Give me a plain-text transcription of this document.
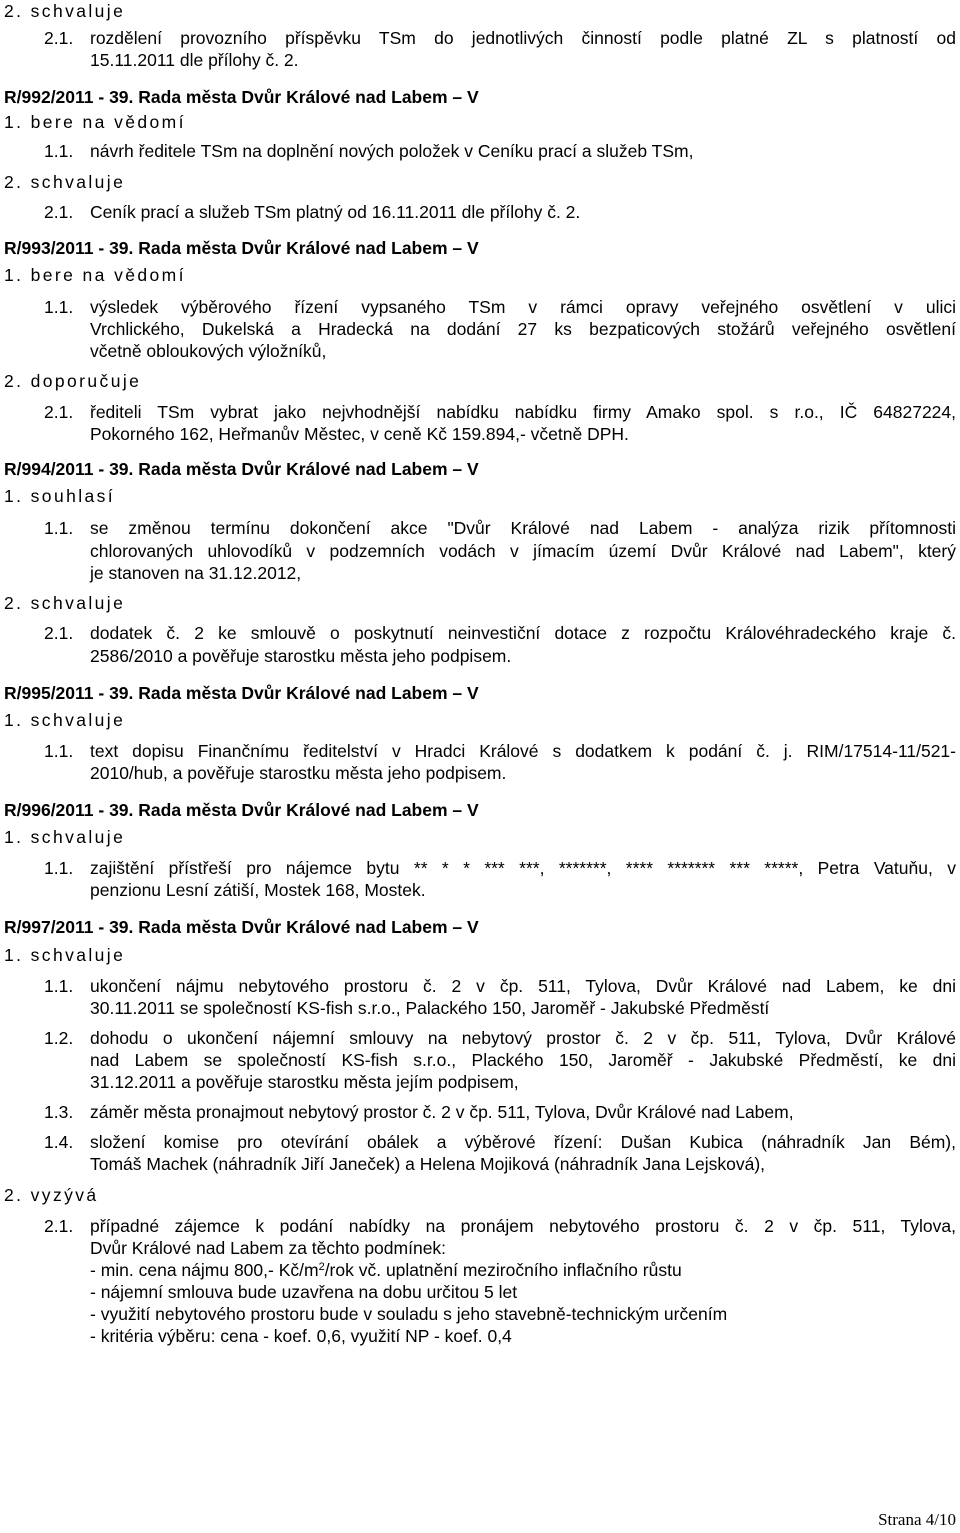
2. schvaluje
2.1. rozdělení provozního příspěvku TSm do jednotlivých činností podle platné ZL s platností od
15.11.2011 dle přílohy č. 2.
R/992/2011 - 39. Rada města Dvůr Králové nad Labem – V
1. bere na vědomí
1.1. návrh ředitele TSm na doplnění nových položek v Ceníku prací a služeb TSm,
2. schvaluje
2.1. Ceník prací a služeb TSm platný od 16.11.2011 dle přílohy č. 2.
R/993/2011 - 39. Rada města Dvůr Králové nad Labem – V
1. bere na vědomí
1.1. výsledek výběrového řízení vypsaného TSm v rámci opravy veřejného osvětlení v ulici
Vrchlického, Dukelská a Hradecká na dodání 27 ks bezpaticových stožárů veřejného osvětlení
včetně obloukových výložníků,
2. doporučuje
2.1. řediteli TSm vybrat jako nejvhodnější nabídku nabídku firmy Amako spol. s r.o., IČ 64827224,
Pokorného 162, Heřmanův Městec, v ceně Kč 159.894,- včetně DPH.
R/994/2011 - 39. Rada města Dvůr Králové nad Labem – V
1. souhlasí
1.1. se změnou termínu dokončení akce "Dvůr Králové nad Labem - analýza rizik přítomnosti
chlorovaných uhlovodíků v podzemních vodách v jímacím území Dvůr Králové nad Labem", který
je stanoven na 31.12.2012,
2. schvaluje
2.1. dodatek č. 2 ke smlouvě o poskytnutí neinvestiční dotace z rozpočtu Královéhradeckého kraje č.
2586/2010 a pověřuje starostku města jeho podpisem.
R/995/2011 - 39. Rada města Dvůr Králové nad Labem – V
1. schvaluje
1.1. text dopisu Finančnímu ředitelství v Hradci Králové s dodatkem k podání č. j. RIM/17514-11/521-
2010/hub, a pověřuje starostku města jeho podpisem.
R/996/2011 - 39. Rada města Dvůr Králové nad Labem – V
1. schvaluje
1.1. zajištění přístřeší pro nájemce bytu ** * * *** ***, *******, **** ******* *** *****, Petra Vatuňu, v
penzionu Lesní zátiší, Mostek 168, Mostek.
R/997/2011 - 39. Rada města Dvůr Králové nad Labem – V
1. schvaluje
1.1. ukončení nájmu nebytového prostoru č. 2 v čp. 511, Tylova, Dvůr Králové nad Labem, ke dni
30.11.2011 se společností KS-fish s.r.o., Palackého 150, Jaroměř - Jakubské Předměstí
1.2. dohodu o ukončení nájemní smlouvy na nebytový prostor č. 2 v čp. 511, Tylova, Dvůr Králové
nad Labem se společností KS-fish s.r.o., Plackého 150, Jaroměř - Jakubské Předměstí, ke dni
31.12.2011 a pověřuje starostku města jejím podpisem,
1.3. záměr města pronajmout nebytový prostor č. 2 v čp. 511, Tylova, Dvůr Králové nad Labem,
1.4. složení komise pro otevírání obálek a výběrové řízení: Dušan Kubica (náhradník Jan Bém),
Tomáš Machek (náhradník Jiří Janeček) a Helena Mojiková (náhradník Jana Lejsková),
2. vyzývá
2.1. případné zájemce k podání nabídky na pronájem nebytového prostoru č. 2 v čp. 511, Tylova,
Dvůr Králové nad Labem za těchto podmínek:
- min. cena nájmu 800,- $Kč/m^2$/rok vč. uplatnění meziročního inflačního růstu
- nájemní smlouva bude uzavřena na dobu určitou 5 let
- využití nebytového prostoru bude v souladu s jeho stavebně-technickým určením
- kritéria výběru: cena - koef. 0,6, využití NP - koef. 0,4
Strana 4/10
